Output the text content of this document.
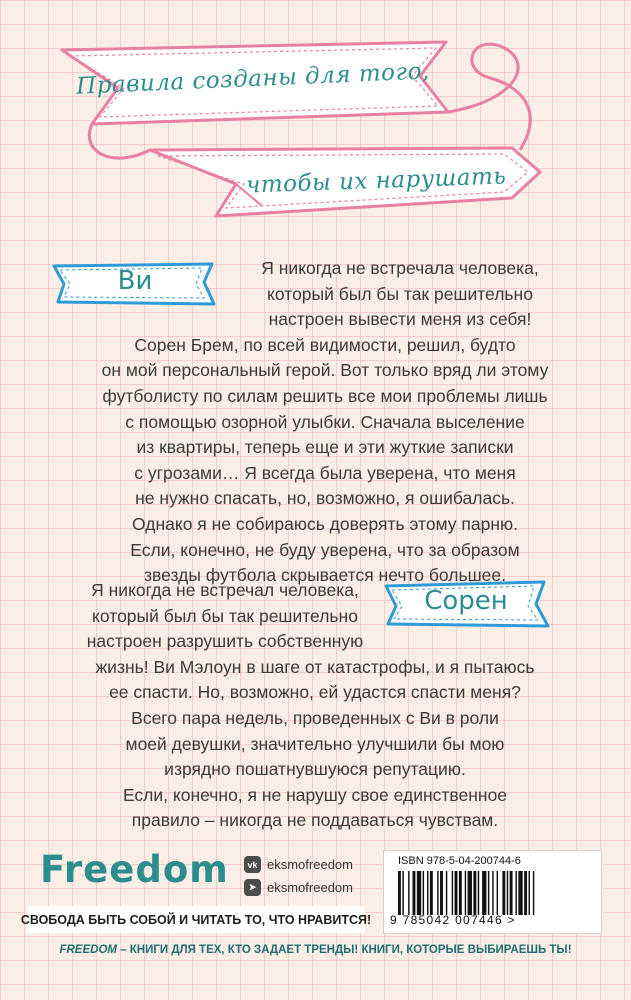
Правила созданы для того,
чтобы их нарушать
Ви
Сорен
Я никогда не встречала человека,
который был бы так решительно
настроен вывести меня из себя!
Сорен Брем, по всей видимости, решил, будто
он мой персональный герой. Вот только вряд ли этому
футболисту по силам решить все мои проблемы лишь
с помощью озорной улыбки. Сначала выселение
из квартиры, теперь еще и эти жуткие записки
с угрозами… Я всегда была уверена, что меня
не нужно спасать, но, возможно, я ошибалась.
Однако я не собираюсь доверять этому парню.
Если, конечно, не буду уверена, что за образом
звезды футбола скрывается нечто большее.
Я никогда не встречал человека,
который был бы так решительно
настроен разрушить собственную
жизнь! Ви Мэлоун в шаге от катастрофы, и я пытаюсь
ее спасти. Но, возможно, ей удастся спасти меня?
Всего пара недель, проведенных с Ви в роли
моей девушки, значительно улучшили бы мою
изрядно пошатнувшуюся репутацию.
Если, конечно, я не нарушу свое единственное
правило – никогда не поддаваться чувствам.
Freedom	vk eksmofreedom
➤ eksmofreedom
СВОБОДА БЫТЬ СОБОЙ И ЧИТАТЬ ТО, ЧТО НРАВИТСЯ!
ISBN 978-5-04-200744-6
9 785042 007446 >
FREEDOM – КНИГИ ДЛЯ ТЕХ, КТО ЗАДАЕТ ТРЕНДЫ! КНИГИ, КОТОРЫЕ ВЫБИРАЕШЬ ТЫ!
